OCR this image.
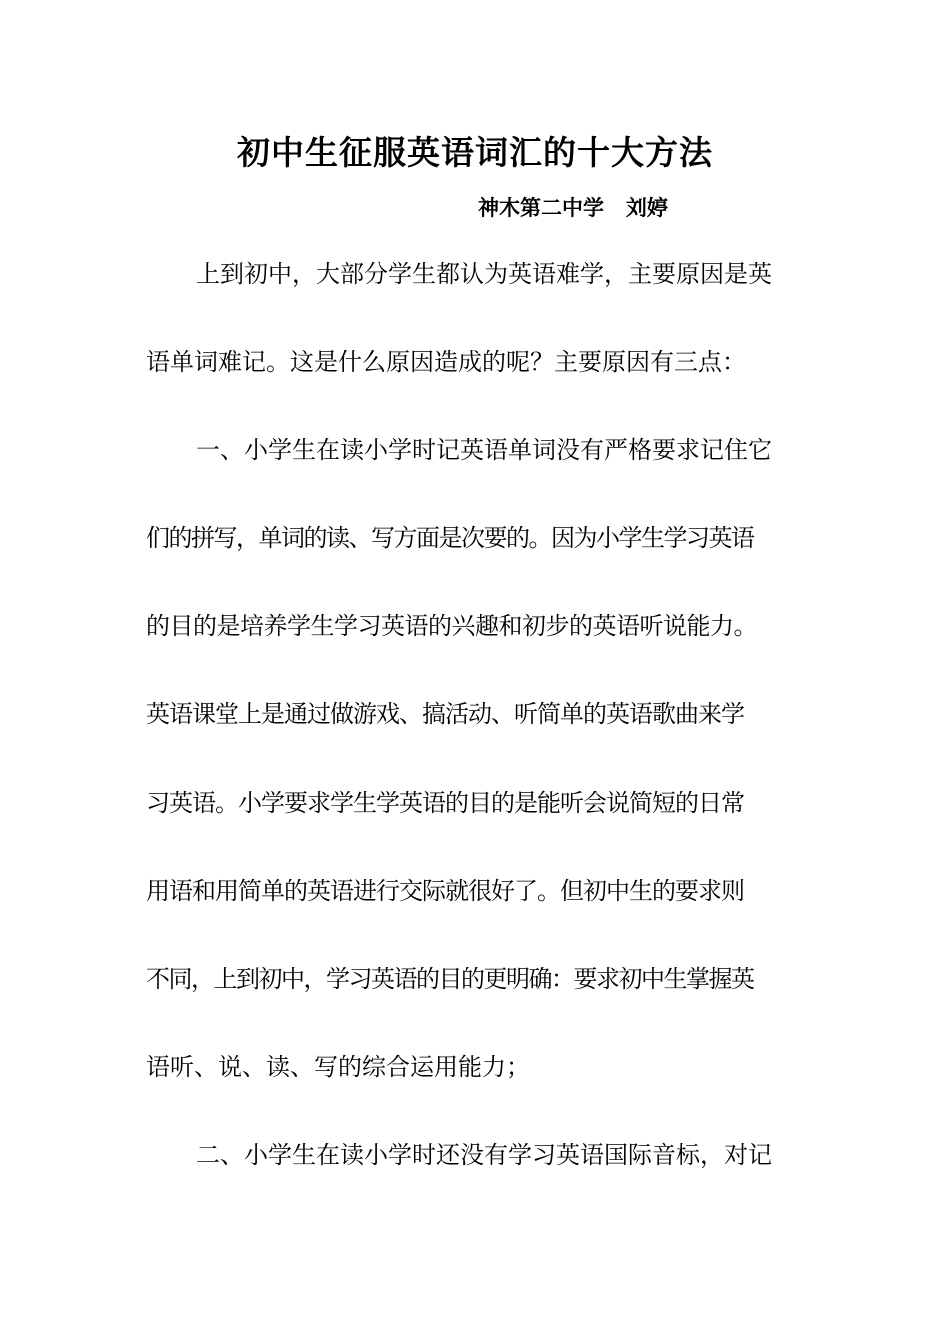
初中生征服英语词汇的十大方法
神木第二中学   刘婷
上到初中，大部分学生都认为英语难学，主要原因是英
语单词难记。这是什么原因造成的呢？主要原因有三点：
一、小学生在读小学时记英语单词没有严格要求记住它
们的拼写，单词的读、写方面是次要的。因为小学生学习英语
的目的是培养学生学习英语的兴趣和初步的英语听说能力。
英语课堂上是通过做游戏、搞活动、听简单的英语歌曲来学
习英语。小学要求学生学英语的目的是能听会说简短的日常
用语和用简单的英语进行交际就很好了。但初中生的要求则
不同，上到初中，学习英语的目的更明确：要求初中生掌握英
语听、说、读、写的综合运用能力；
二、小学生在读小学时还没有学习英语国际音标，对记
